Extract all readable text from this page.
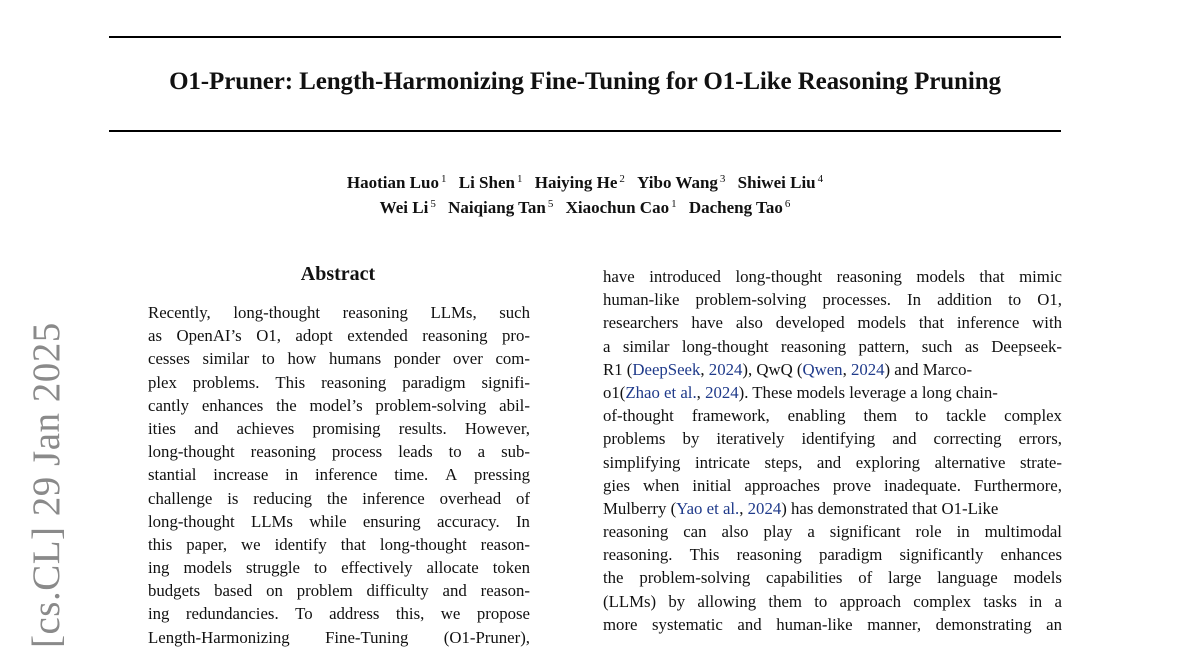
O1-Pruner: Length-Harmonizing Fine-Tuning for O1-Like Reasoning Pruning
Haotian Luo $^1$ Li Shen $^1$ Haiying He $^2$ Yibo Wang $^3$ Shiwei Liu $^4$
Wei Li $^5$ Naiqiang Tan $^5$ Xiaochun Cao $^1$ Dacheng Tao $^6$
[cs.CL] 29 Jan 2025
Abstract
Recently, long-thought reasoning LLMs, such
as OpenAI’s O1, adopt extended reasoning pro-
cesses similar to how humans ponder over com-
plex problems. This reasoning paradigm signifi-
cantly enhances the model’s problem-solving abil-
ities and achieves promising results. However,
long-thought reasoning process leads to a sub-
stantial increase in inference time. A pressing
challenge is reducing the inference overhead of
long-thought LLMs while ensuring accuracy. In
this paper, we identify that long-thought reason-
ing models struggle to effectively allocate token
budgets based on problem difficulty and reason-
ing redundancies. To address this, we propose
Length-Harmonizing Fine-Tuning (O1-Pruner),
have introduced long-thought reasoning models that mimic
human-like problem-solving processes. In addition to O1,
researchers have also developed models that inference with
a similar long-thought reasoning pattern, such as Deepseek-
R1 (DeepSeek, 2024), QwQ (Qwen, 2024) and Marco-
o1(Zhao et al., 2024). These models leverage a long chain-
of-thought framework, enabling them to tackle complex
problems by iteratively identifying and correcting errors,
simplifying intricate steps, and exploring alternative strate-
gies when initial approaches prove inadequate. Furthermore,
Mulberry (Yao et al., 2024) has demonstrated that O1-Like
reasoning can also play a significant role in multimodal
reasoning. This reasoning paradigm significantly enhances
the problem-solving capabilities of large language models
(LLMs) by allowing them to approach complex tasks in a
more systematic and human-like manner, demonstrating an
